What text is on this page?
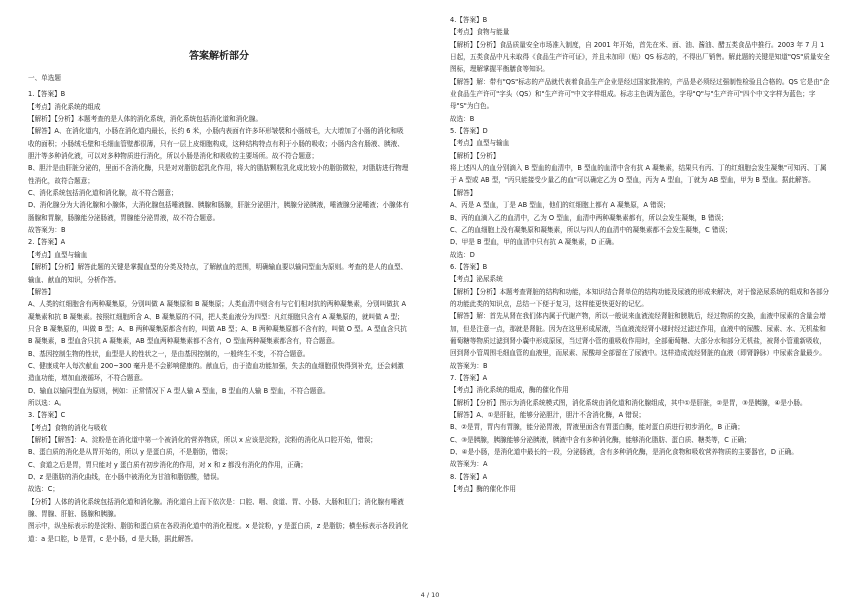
答案解析部分
一、单选题
1.【答案】B
【考点】消化系统的组成
【解析】【分析】本题考查的是人体的消化系统，消化系统包括消化道和消化腺。
【解答】A、在消化道内，小肠在消化道内最长，长约 6 米，小肠内表面有许多环形皱襞和小肠绒毛，大大增加了小肠的消化和吸收的面积；小肠绒毛壁和毛细血管壁都很薄，只有一层上皮细胞构成，这种结构特点有利于小肠的吸收；小肠内含有肠液、胰液、胆汁等多种消化液，可以对多种物质进行消化，所以小肠是消化和吸收的主要场所。故不符合题意；
B、胆汁是由肝脏分泌的，里面不含消化酶，只是对对脂肪起乳化作用，将大的脂肪颗粒乳化成比较小的脂肪微粒，对脂肪进行物理性消化，故符合题意；
C、消化系统包括消化道和消化腺，故不符合题意；
D、消化腺分为大消化腺和小腺体，大消化腺包括唾液腺、胰腺和肠腺，肝脏分泌胆汁，胰腺分泌胰液，唾液腺分泌唾液；小腺体有肠腺和胃腺，肠腺能分泌肠液，胃腺能分泌胃液，故不符合题意。
故答案为：B
2.【答案】A
【考点】血型与输血
【解析】【分析】解答此题的关键是掌握血型的分类及特点，了解献血的范围，明确输血要以输同型血为原则。考查的是人的血型、输血、献血的知识，分析作答。
【解答】
A、人类的红细胞含有两种凝集原，分别叫做 A 凝集原和 B 凝集原；人类血清中则含有与它们相对抗的两种凝集素，分别叫做抗 A 凝集素和抗 B 凝集素。按照红细胞所含 A、B 凝集原的不同，把人类血液分为四型：凡红细胞只含有 A 凝集原的，就叫做 A 型；只含 B 凝集原的，叫做 B 型；A、B 两种凝集原都含有的，叫做 AB 型；A、B 两种凝集原都不含有的，叫做 O 型。A 型血含只抗 B 凝集素，B 型血含只抗 A 凝集素，AB 型血两种凝集素都不含有，O 型血两种凝集素都含有，符合题意。
B、基因控制生物的性状，血型是人的性状之一，是由基因控制的，一般终生不变，不符合题意。
C、健康成年人每次献血 200~300 毫升是不会影响健康的。献血后，由于造血功能加强，失去的血细胞很快得到补充，还会刺激造血功能，增加血液循环，不符合题意。
D、输血以输同型血为原则，例如：正常情况下 A 型人输 A 型血，B 型血的人输 B 型血，不符合题意。
所以选：A。
3.【答案】C
【考点】食物的消化与吸收
【解析】【解答】：A、淀粉是在消化道中第一个被消化的营养物质，所以 x 应该是淀粉，淀粉的消化从口腔开始，错误；
B、蛋白质的消化是从胃开始的，所以 y 是蛋白质，不是脂肪，错误；
C、食道之后是胃，胃只能对 y 蛋白质有初步消化的作用，对 x 和 z 都没有消化的作用，正确；
D、z 是脂肪的消化曲线，在小肠中被消化为甘油和脂肪酸，错误。
故选：C；
【分析】人体的消化系统包括消化道和消化腺。消化道自上而下依次是：口腔、咽、食道、胃、小肠、大肠和肛门；消化腺有唾液腺、胃腺、肝脏、肠腺和胰腺。
图示中，纵坐标表示的是淀粉、脂肪和蛋白质在各段消化道中的消化程度。x 是淀粉，y 是蛋白质，z 是脂肪；横坐标表示各段消化道：a 是口腔，b 是胃，c 是小肠，d 是大肠，据此解答。
4.【答案】B
【考点】食物与能量
【解析】【分析】食品质量安全市场准入制度，自 2001 年开始，首先在米、面、油、酱油、醋五类食品中推行。2003 年 7 月 1 日起，五类食品中凡未取得《食品生产许可证》，并且未加印（贴）QS 标志的，不得出厂销售。解此题的关键是知道"QS"质量安全图标，理解掌握平衡膳食等知识。
【解答】解：带有"QS"标志的产品就代表着食品生产企业是经过国家批准的，产品是必须经过强制性检验且合格的。QS 它是由"企业食品生产许可"字头（QS）和"生产许可"中文字样组成。标志主色调为蓝色，字母"Q"与"生产许可"四个中文字样为蓝色；字母"S"为白色。
故选：B
5.【答案】D
【考点】血型与输血
【解析】【分析】
将上述四人的血分别滴入 B 型血的血清中，B 型血的血清中含有抗 A 凝集素，结果只有丙、丁的红细胞会发生凝集"可知丙、丁属于 A 型或 AB 型，"丙只能接受少量乙的血"可以确定乙为 O 型血，丙为 A 型血，丁就为 AB 型血，甲为 B 型血。据此解答。
【解答】
A、丙是 A 型血，丁是 AB 型血，他们的红细胞上都有 A 凝集原，A 错误；
B、丙的血滴入乙的血清中，乙为 O 型血，血清中两种凝集素都有，所以会发生凝集，B 错误；
C、乙的血细胞上没有凝集原和凝集素，所以与四人的血清中的凝集素都不会发生凝集，C 错误；
D、甲是 B 型血，甲的血清中只有抗 A 凝集素，D 正确。
故选：D
6.【答案】B
【考点】泌尿系统
【解析】【分析】本题考查肾脏的结构和功能，本知识结合肾单位的结构功能及尿液的形成来解决，对于像泌尿系统的组成和各部分的功能此类的知识点，总结一下便于复习，这样能更快更好的记忆。
【解答】解：首先从肾在我们体内属于代谢产物，所以一般说来血液流经肾脏和膀胱后，经过物质的交换，血液中尿素的含量会增加，但是注意一点，那就是肾脏。因为在这里形成尿液，当血液流经肾小球时经过滤过作用，血液中的尿酸、尿素、水、无机盐和葡萄糖等物质过滤到肾小囊中形成原尿，当过肾小管的重吸收作用时，全部葡萄糖、大部分水和部分无机盐，被肾小管重新吸收，回到肾小管周围毛细血管的血液里，而尿素、尿酸却全部留在了尿液中。这样造成流经肾脏的血液（即肾静脉）中尿素含量最少。
故答案为：B
7.【答案】A
【考点】消化系统的组成，酶的催化作用
【解析】【分析】图示为消化系统模式图，消化系统由消化道和消化腺组成，其中①是肝脏，②是胃，③是胰腺，④是小肠。
【解答】A、①是肝脏，能够分泌胆汁，胆汁不含消化酶，A 错误；
B、②是胃，胃内有胃腺，能分泌胃液，胃液里面含有胃蛋白酶，能对蛋白质进行初步消化，B 正确；
C、③是胰腺，胰腺能够分泌胰液，胰液中含有多种消化酶，能够消化脂肪、蛋白质、糖类等，C 正确；
D、④是小肠，是消化道中最长的一段，分泌肠液，含有多种消化酶，是消化食物和吸收营养物质的主要器官，D 正确。
故答案为：A
8.【答案】A
【考点】酶的催化作用
4 / 10
